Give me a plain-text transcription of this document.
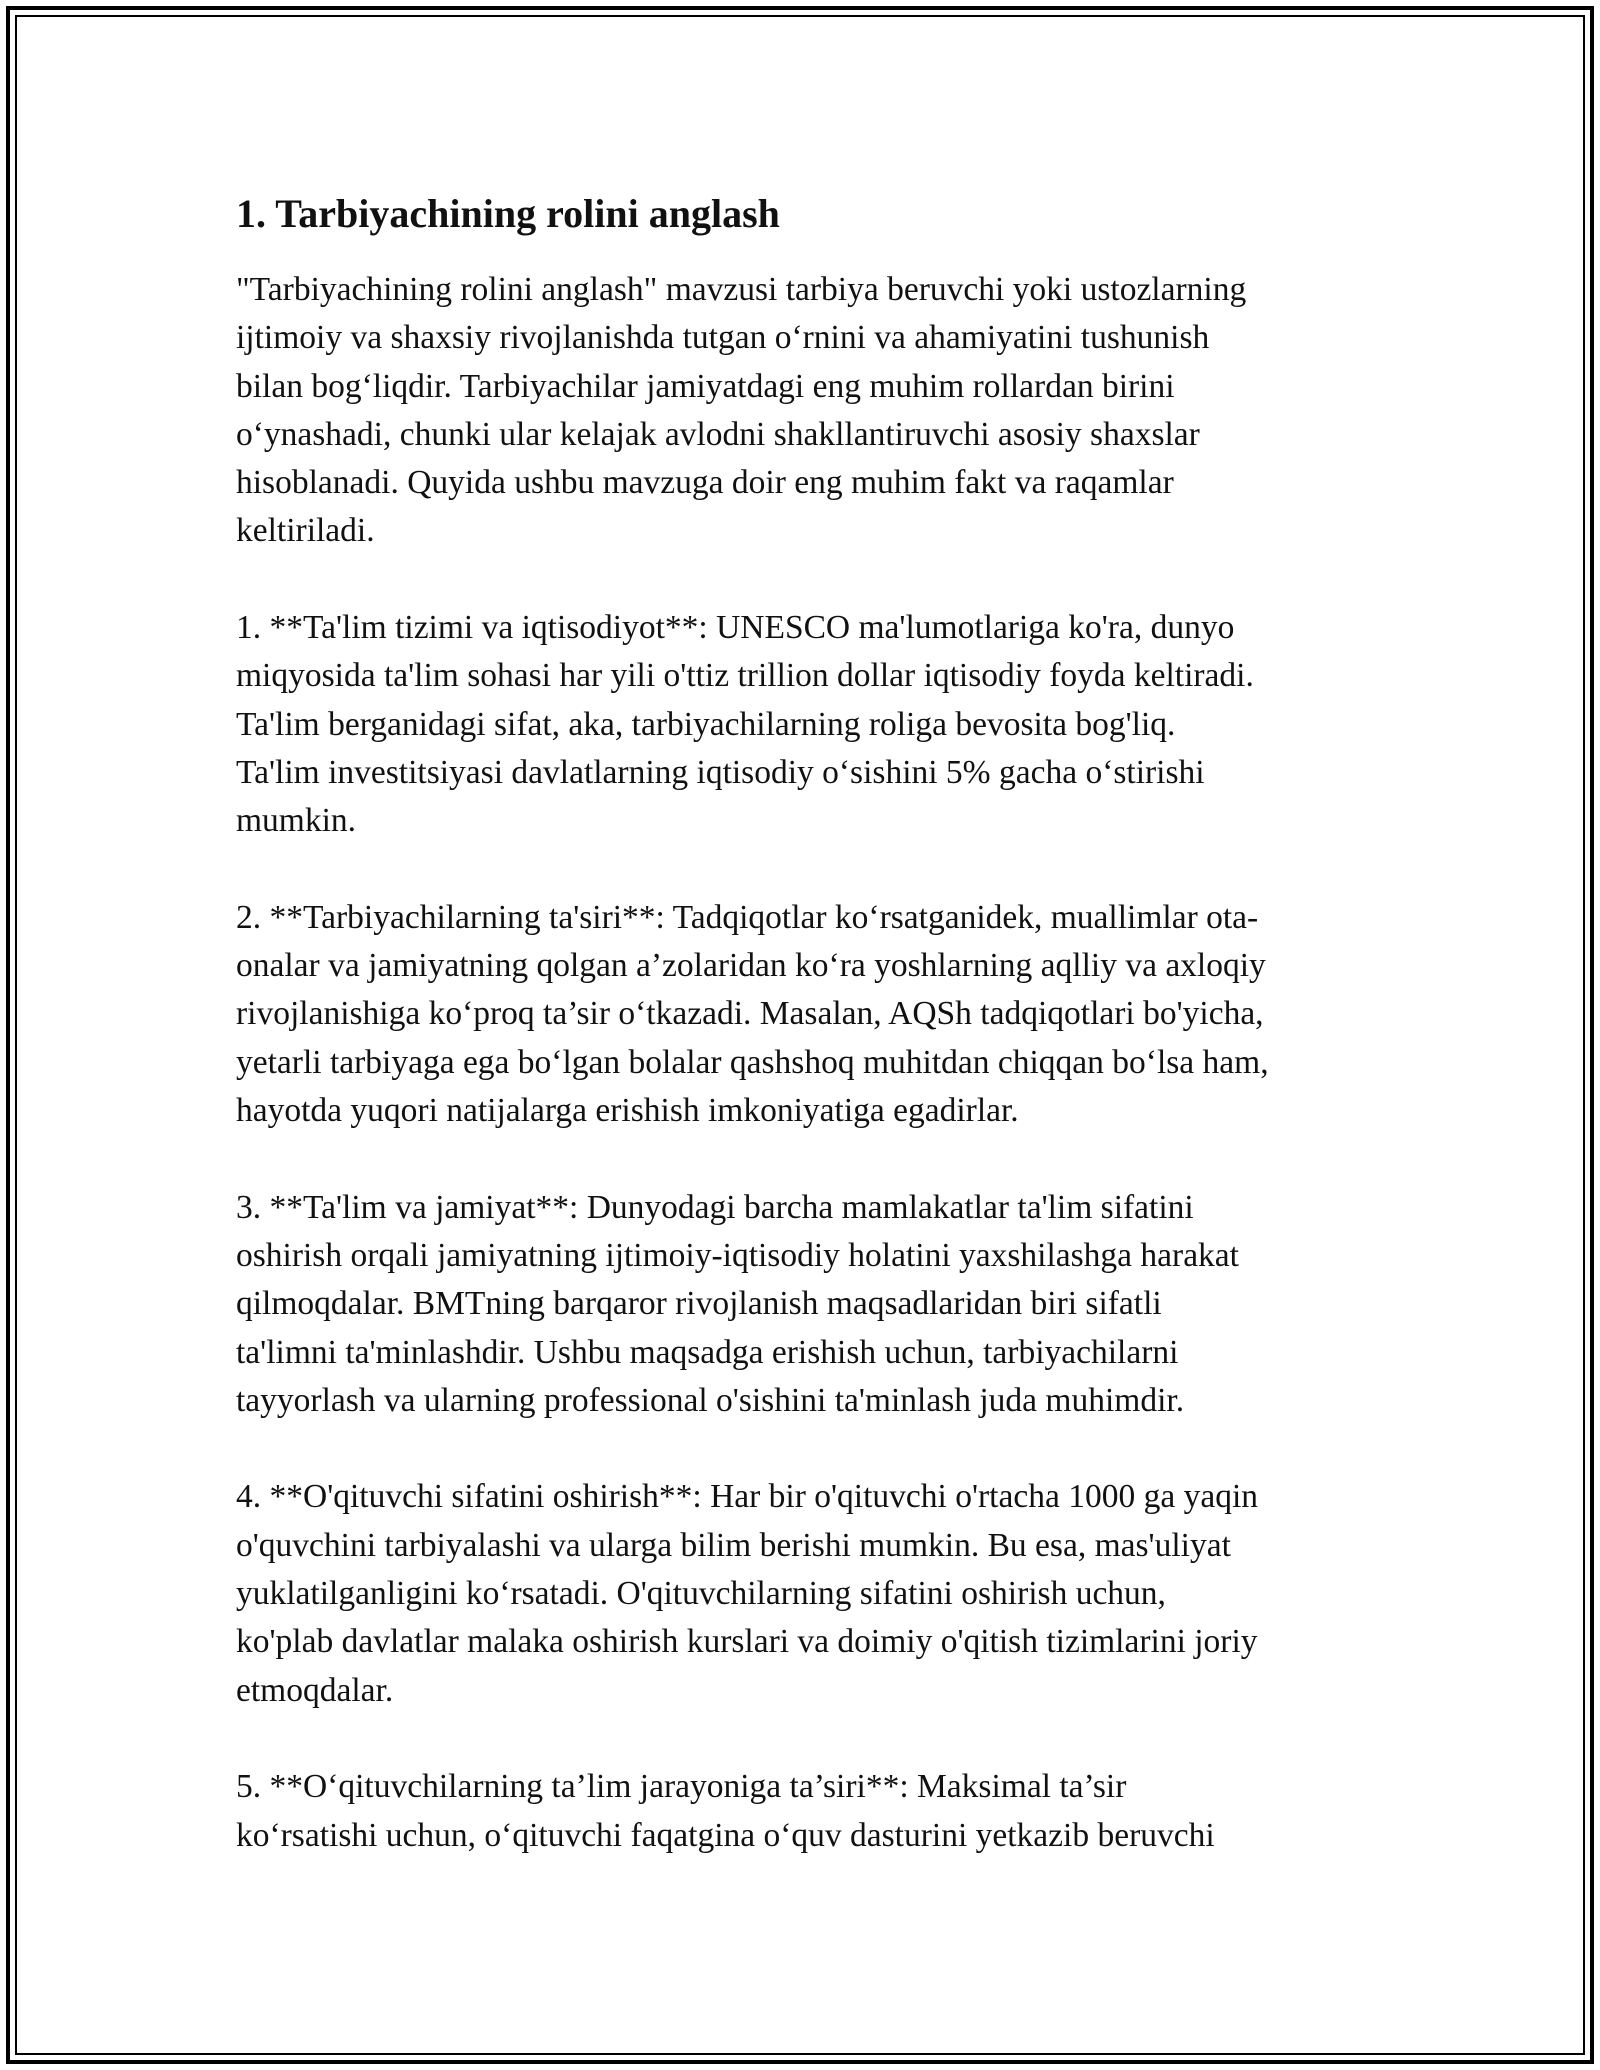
1. Tarbiyachining rolini anglash
"Tarbiyachining rolini anglash" mavzusi tarbiya beruvchi yoki ustozlarning
ijtimoiy va shaxsiy rivojlanishda tutgan o‘rnini va ahamiyatini tushunish
bilan bog‘liqdir. Tarbiyachilar jamiyatdagi eng muhim rollardan birini
o‘ynashadi, chunki ular kelajak avlodni shakllantiruvchi asosiy shaxslar
hisoblanadi. Quyida ushbu mavzuga doir eng muhim fakt va raqamlar
keltiriladi.
1. **Ta'lim tizimi va iqtisodiyot**: UNESCO ma'lumotlariga ko'ra, dunyo
miqyosida ta'lim sohasi har yili o'ttiz trillion dollar iqtisodiy foyda keltiradi.
Ta'lim berganidagi sifat, aka, tarbiyachilarning roliga bevosita bog'liq.
Ta'lim investitsiyasi davlatlarning iqtisodiy o‘sishini 5% gacha o‘stirishi
mumkin.
2. **Tarbiyachilarning ta'siri**: Tadqiqotlar ko‘rsatganidek, muallimlar ota-
onalar va jamiyatning qolgan a’zolaridan ko‘ra yoshlarning aqlliy va axloqiy
rivojlanishiga ko‘proq ta’sir o‘tkazadi. Masalan, AQSh tadqiqotlari bo'yicha,
yetarli tarbiyaga ega bo‘lgan bolalar qashshoq muhitdan chiqqan bo‘lsa ham,
hayotda yuqori natijalarga erishish imkoniyatiga egadirlar.
3. **Ta'lim va jamiyat**: Dunyodagi barcha mamlakatlar ta'lim sifatini
oshirish orqali jamiyatning ijtimoiy-iqtisodiy holatini yaxshilashga harakat
qilmoqdalar. BMTning barqaror rivojlanish maqsadlaridan biri sifatli
ta'limni ta'minlashdir. Ushbu maqsadga erishish uchun, tarbiyachilarni
tayyorlash va ularning professional o'sishini ta'minlash juda muhimdir.
4. **O'qituvchi sifatini oshirish**: Har bir o'qituvchi o'rtacha 1000 ga yaqin
o'quvchini tarbiyalashi va ularga bilim berishi mumkin. Bu esa, mas'uliyat
yuklatilganligini ko‘rsatadi. O'qituvchilarning sifatini oshirish uchun,
ko'plab davlatlar malaka oshirish kurslari va doimiy o'qitish tizimlarini joriy
etmoqdalar.
5. **O‘qituvchilarning ta’lim jarayoniga ta’siri**: Maksimal ta’sir
ko‘rsatishi uchun, o‘qituvchi faqatgina o‘quv dasturini yetkazib beruvchi
